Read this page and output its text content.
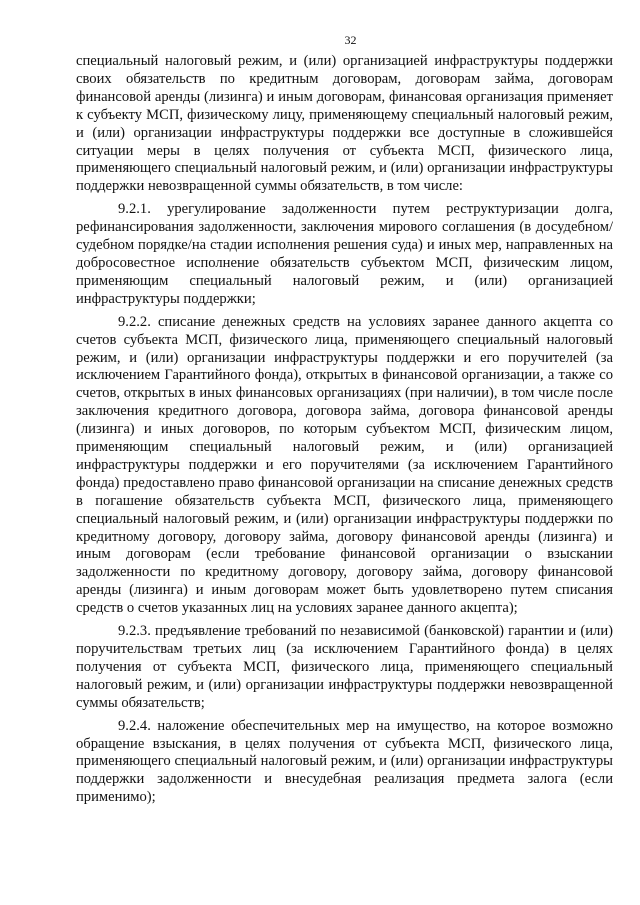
32

специальный налоговый режим, и (или) организацией инфраструктуры поддержки своих обязательств по кредитным договорам, договорам займа, договорам финансовой аренды (лизинга) и иным договорам, финансовая организация применяет к субъекту МСП, физическому лицу, применяющему специальный налоговый режим, и (или) организации инфраструктуры поддержки все доступные в сложившейся ситуации меры в целях получения от субъекта МСП, физического лица, применяющего специальный налоговый режим, и (или) организации инфраструктуры поддержки невозвращенной суммы обязательств, в том числе:

9.2.1. урегулирование задолженности путем реструктуризации долга, рефинансирования задолженности, заключения мирового соглашения (в досудебном/судебном порядке/на стадии исполнения решения суда) и иных мер, направленных на добросовестное исполнение обязательств субъектом МСП, физическим лицом, применяющим специальный налоговый режим, и (или) организацией инфраструктуры поддержки;

9.2.2. списание денежных средств на условиях заранее данного акцепта со счетов субъекта МСП, физического лица, применяющего специальный налоговый режим, и (или) организации инфраструктуры поддержки и его поручителей (за исключением Гарантийного фонда), открытых в финансовой организации, а также со счетов, открытых в иных финансовых организациях (при наличии), в том числе после заключения кредитного договора, договора займа, договора финансовой аренды (лизинга) и иных договоров, по которым субъектом МСП, физическим лицом, применяющим специальный налоговый режим, и (или) организацией инфраструктуры поддержки и его поручителями (за исключением Гарантийного фонда) предоставлено право финансовой организации на списание денежных средств в погашение обязательств субъекта МСП, физического лица, применяющего специальный налоговый режим, и (или) организации инфраструктуры поддержки по кредитному договору, договору займа, договору финансовой аренды (лизинга) и иным договорам (если требование финансовой организации о взыскании задолженности по кредитному договору, договору займа, договору финансовой аренды (лизинга) и иным договорам может быть удовлетворено путем списания средств о счетов указанных лиц на условиях заранее данного акцепта);

9.2.3. предъявление требований по независимой (банковской) гарантии и (или) поручительствам третьих лиц (за исключением Гарантийного фонда) в целях получения от субъекта МСП, физического лица, применяющего специальный налоговый режим, и (или) организации инфраструктуры поддержки невозвращенной суммы обязательств;

9.2.4. наложение обеспечительных мер на имущество, на которое возможно обращение взыскания, в целях получения от субъекта МСП, физического лица, применяющего специальный налоговый режим, и (или) организации инфраструктуры поддержки задолженности и внесудебная реализация предмета залога (если применимо);
